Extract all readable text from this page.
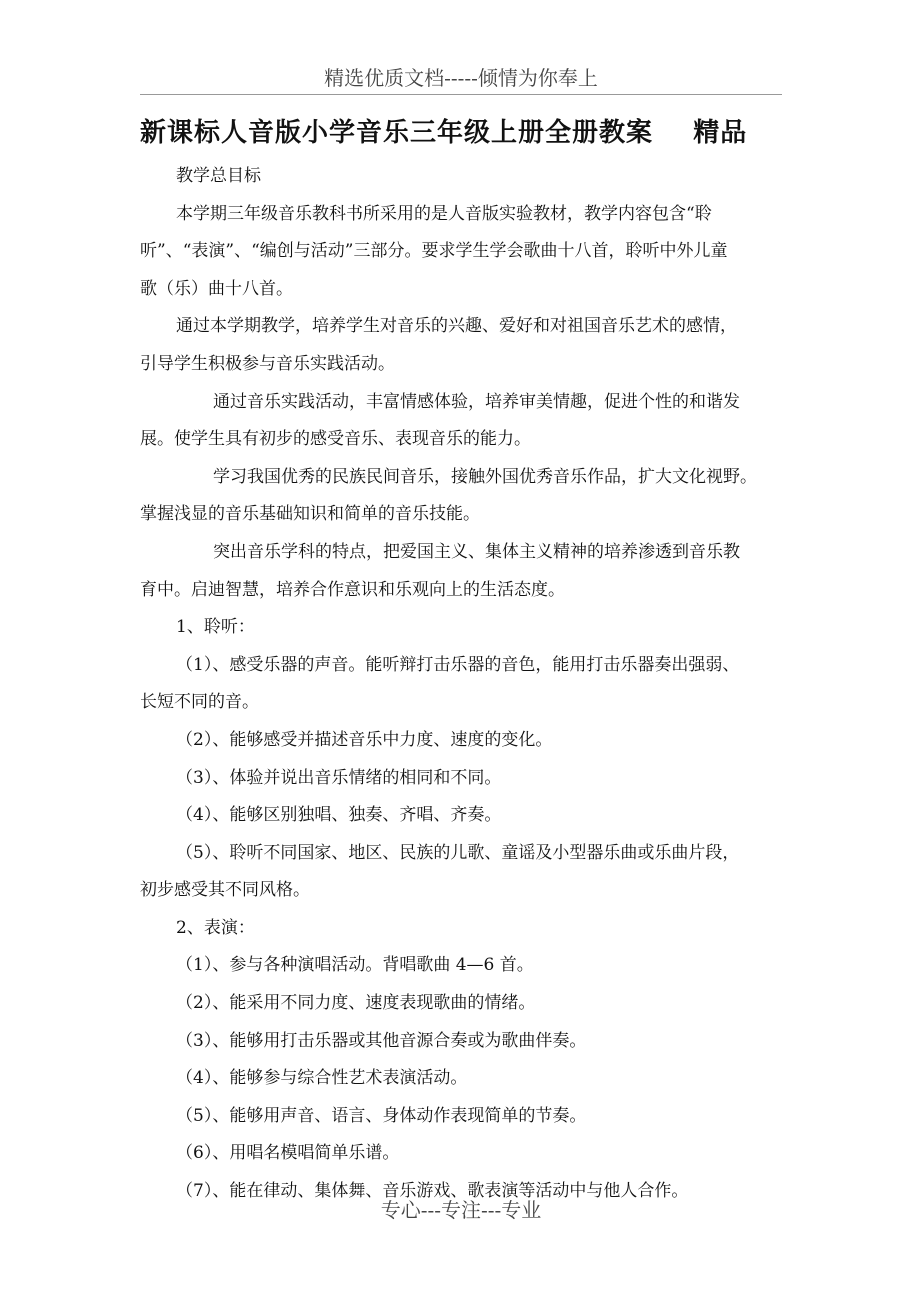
精选优质文档-----倾情为你奉上
新课标人音版小学音乐三年级上册全册教案    精品

教学总目标

本学期三年级音乐教科书所采用的是人音版实验教材，教学内容包含“聆

听”、“表演”、“编创与活动”三部分。要求学生学会歌曲十八首，聆听中外儿童

歌（乐）曲十八首。

通过本学期教学，培养学生对音乐的兴趣、爱好和对祖国音乐艺术的感情，

引导学生积极参与音乐实践活动。

通过音乐实践活动，丰富情感体验，培养审美情趣，促进个性的和谐发

展。使学生具有初步的感受音乐、表现音乐的能力。

学习我国优秀的民族民间音乐，接触外国优秀音乐作品，扩大文化视野。

掌握浅显的音乐基础知识和简单的音乐技能。

突出音乐学科的特点，把爱国主义、集体主义精神的培养渗透到音乐教

育中。启迪智慧，培养合作意识和乐观向上的生活态度。

1、聆听：

（1）、感受乐器的声音。能听辩打击乐器的音色，能用打击乐器奏出强弱、

长短不同的音。

（2）、能够感受并描述音乐中力度、速度的变化。

（3）、体验并说出音乐情绪的相同和不同。

（4）、能够区别独唱、独奏、齐唱、齐奏。

（5）、聆听不同国家、地区、民族的儿歌、童谣及小型器乐曲或乐曲片段，

初步感受其不同风格。

2、表演：

（1）、参与各种演唱活动。背唱歌曲 4—6 首。

（2）、能采用不同力度、速度表现歌曲的情绪。

（3）、能够用打击乐器或其他音源合奏或为歌曲伴奏。

（4）、能够参与综合性艺术表演活动。

（5）、能够用声音、语言、身体动作表现简单的节奏。

（6）、用唱名模唱简单乐谱。

（7）、能在律动、集体舞、音乐游戏、歌表演等活动中与他人合作。

专心---专注---专业
